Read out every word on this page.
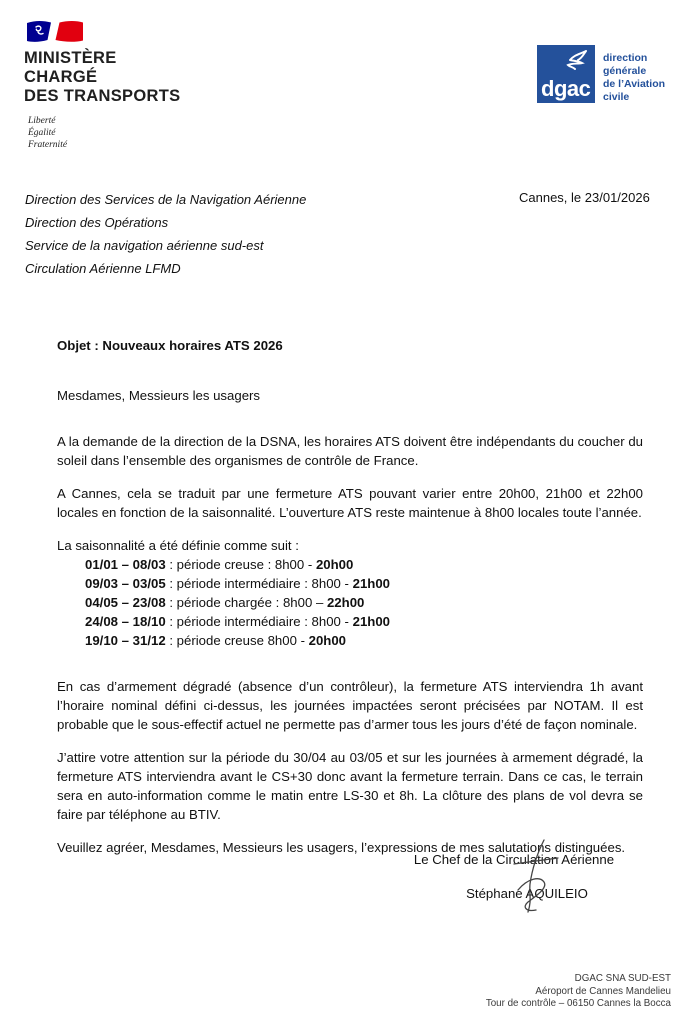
MINISTÈRE
CHARGÉ
DES TRANSPORTS
Liberté
Égalité
Fraternité
dgac
direction
générale
de l’Aviation
civile
Direction des Services de la Navigation Aérienne
Direction des Opérations
Service de la navigation aérienne sud-est
Circulation Aérienne LFMD
Cannes, le 23/01/2026
Objet : Nouveaux horaires ATS 2026
Mesdames, Messieurs les usagers
A la demande de la direction de la DSNA, les horaires ATS doivent être indépendants du coucher du soleil dans l’ensemble des organismes de contrôle de France.
A Cannes, cela se traduit par une fermeture ATS pouvant varier entre 20h00, 21h00 et 22h00 locales en fonction de la saisonnalité. L’ouverture ATS reste maintenue à 8h00 locales toute l’année.
La saisonnalité a été définie comme suit :
01/01 – 08/03 : période creuse : 8h00 - 20h00
09/03 – 03/05 : période intermédiaire : 8h00 - 21h00
04/05 – 23/08 : période chargée : 8h00 – 22h00
24/08 – 18/10 : période intermédiaire : 8h00 - 21h00
19/10 – 31/12 : période creuse 8h00 - 20h00
En cas d’armement dégradé (absence d’un contrôleur), la fermeture ATS interviendra 1h avant l’horaire nominal défini ci-dessus, les journées impactées seront précisées par NOTAM. Il est probable que le sous-effectif actuel ne permette pas d’armer tous les jours d’été de façon nominale.
J’attire votre attention sur la période du 30/04 au 03/05 et sur les journées à armement dégradé, la fermeture ATS interviendra avant le CS+30 donc avant la fermeture terrain. Dans ce cas, le terrain sera en auto-information comme le matin entre LS-30 et 8h. La clôture des plans de vol devra se faire par téléphone au BTIV.
Veuillez agréer, Mesdames, Messieurs les usagers, l’expressions de mes salutations distinguées.
Le Chef de la Circulation Aérienne
Stéphane AQUILEIO
DGAC SNA SUD-EST
Aéroport de Cannes Mandelieu
Tour de contrôle – 06150 Cannes la Bocca
